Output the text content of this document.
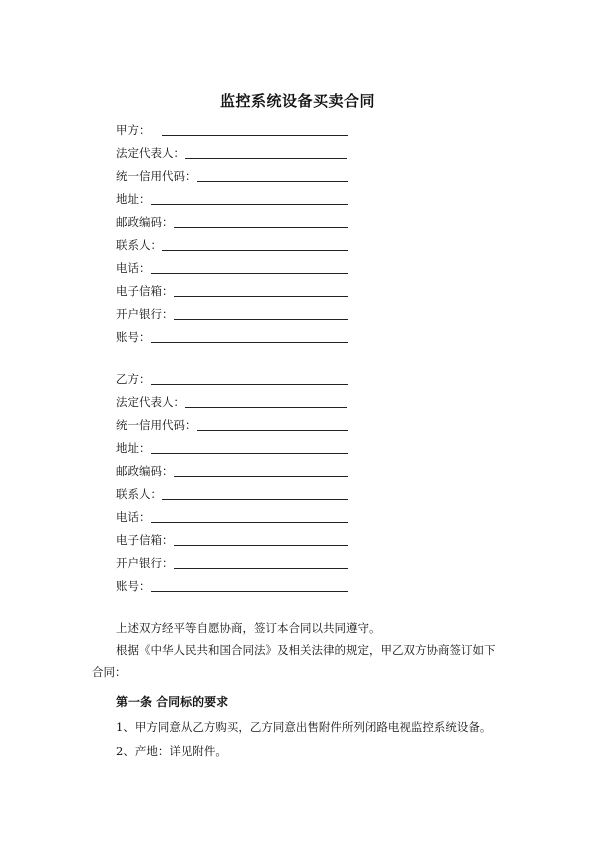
监控系统设备买卖合同
甲方：
法定代表人：
统一信用代码：
地址：
邮政编码：
联系人：
电话：
电子信箱：
开户银行：
账号：
乙方：
法定代表人：
统一信用代码：
地址：
邮政编码：
联系人：
电话：
电子信箱：
开户银行：
账号：
上述双方经平等自愿协商，签订本合同以共同遵守。
根据《中华人民共和国合同法》及相关法律的规定，甲乙双方协商签订如下
合同：
第一条 合同标的要求
1、甲方同意从乙方购买，乙方同意出售附件所列闭路电视监控系统设备。
2、产地：详见附件。
